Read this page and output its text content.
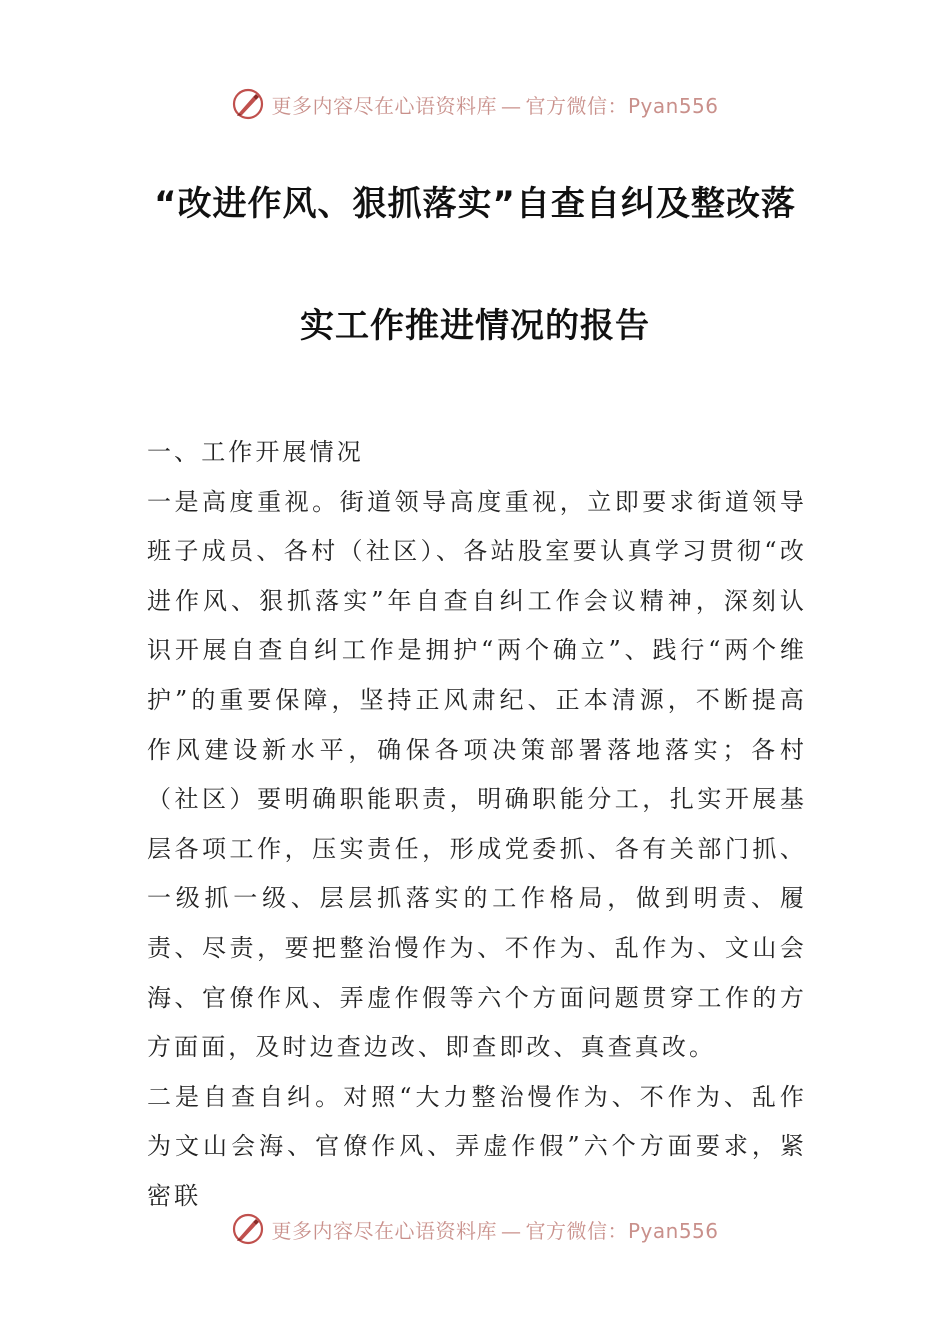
更多内容尽在心语资料库 — 官方微信：Pyan556
“改进作风、狠抓落实”自查自纠及整改落
实工作推进情况的报告

一、工作开展情况

一是高度重视。街道领导高度重视，立即要求街道领导班子成员、各村（社区）、各站股室要认真学习贯彻“改进作风、狠抓落实”年自查自纠工作会议精神，深刻认识开展自查自纠工作是拥护“两个确立”、践行“两个维护”的重要保障，坚持正风肃纪、正本清源，不断提高作风建设新水平，确保各项决策部署落地落实；各村（社区）要明确职能职责，明确职能分工，扎实开展基层各项工作，压实责任，形成党委抓、各有关部门抓、一级抓一级、层层抓落实的工作格局，做到明责、履责、尽责，要把整治慢作为、不作为、乱作为、文山会海、官僚作风、弄虚作假等六个方面问题贯穿工作的方方面面，及时边查边改、即查即改、真查真改。

二是自查自纠。对照“大力整治慢作为、不作为、乱作为文山会海、官僚作风、弄虚作假”六个方面要求，紧密联

更多内容尽在心语资料库 — 官方微信：Pyan556
